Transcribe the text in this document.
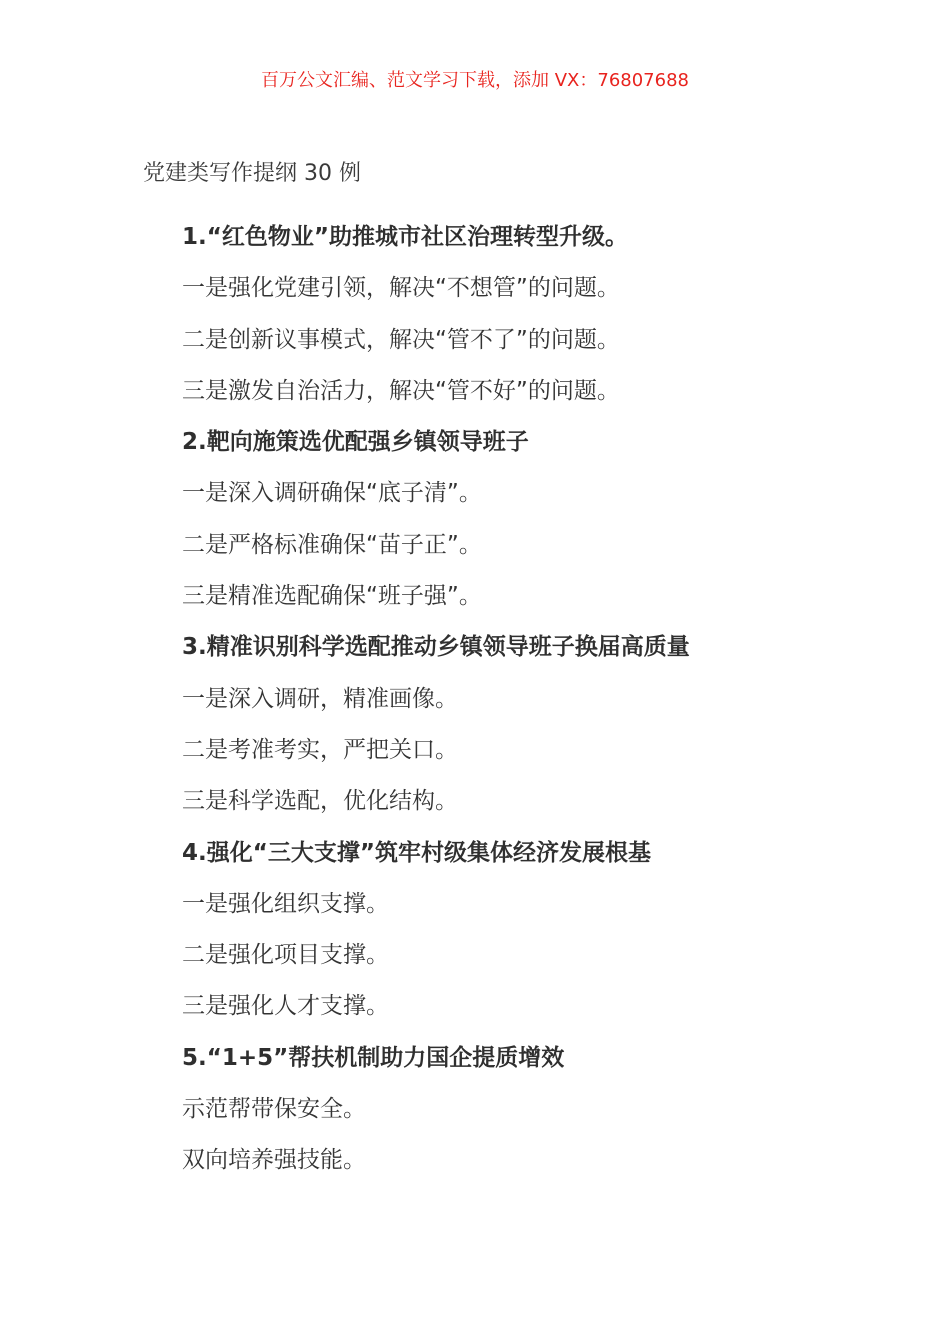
百万公文汇编、范文学习下载，添加 VX：76807688
党建类写作提纲 30 例
1.“红色物业”助推城市社区治理转型升级。
一是强化党建引领，解决“不想管”的问题。
二是创新议事模式，解决“管不了”的问题。
三是激发自治活力，解决“管不好”的问题。
2.靶向施策选优配强乡镇领导班子
一是深入调研确保“底子清”。
二是严格标准确保“苗子正”。
三是精准选配确保“班子强”。
3.精准识别科学选配推动乡镇领导班子换届高质量
一是深入调研，精准画像。
二是考准考实，严把关口。
三是科学选配，优化结构。
4.强化“三大支撑”筑牢村级集体经济发展根基
一是强化组织支撑。
二是强化项目支撑。
三是强化人才支撑。
5.“1+5”帮扶机制助力国企提质增效
示范帮带保安全。
双向培养强技能。
